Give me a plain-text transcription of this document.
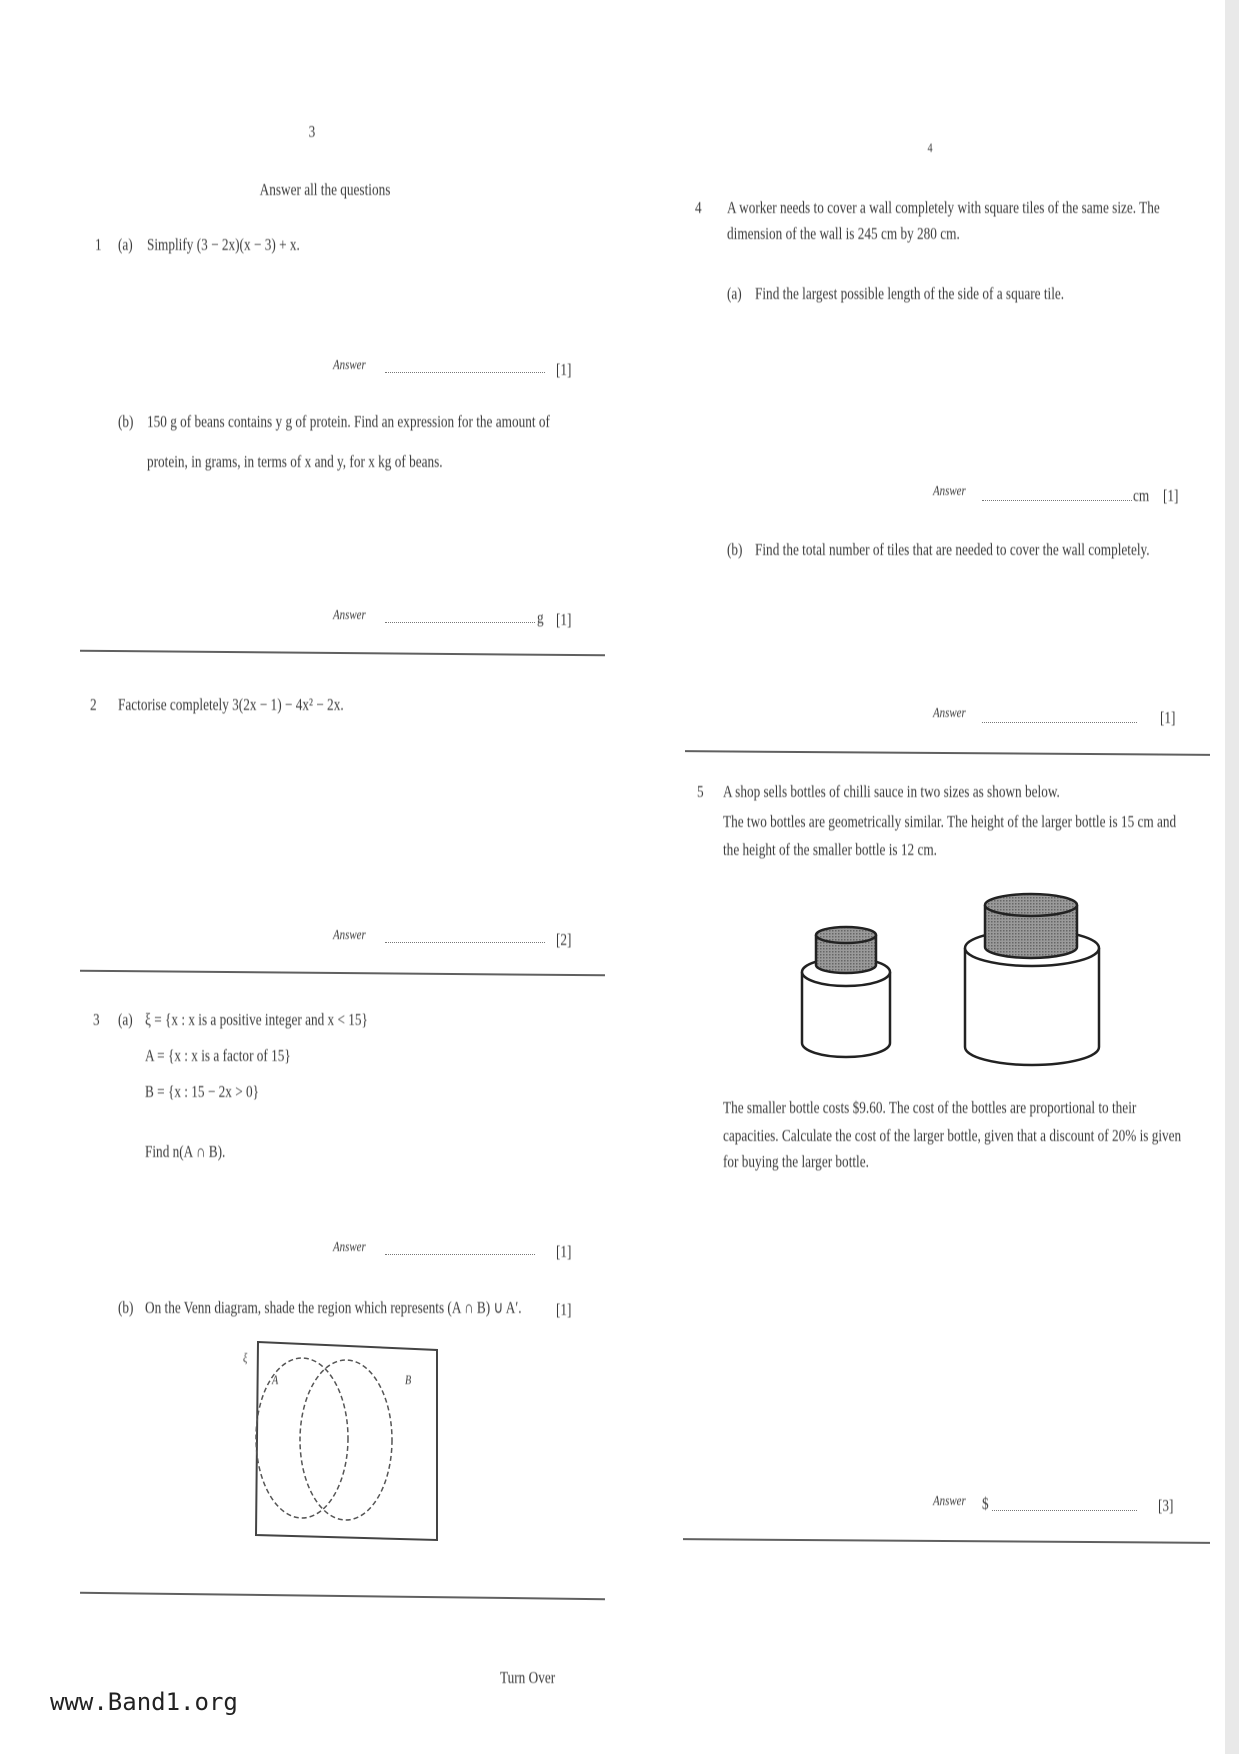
3
Answer all the questions
1 (a) Simplify (3 − 2x)(x − 3) + x.
Answer	[1]
(b) 150 g of beans contains y g of protein. Find an expression for the amount of
protein, in grams, in terms of x and y, for x kg of beans.
Answer	g [1]
2 Factorise completely 3(2x − 1) − 4x² − 2x.
Answer	[2]
3 (a) ξ = {x : x is a positive integer and x < 15}
A = {x : x is a factor of 15}
B = {x : 15 − 2x > 0}
Find n(A ∩ B).
Answer	[1]
(b) On the Venn diagram, shade the region which represents (A ∩ B) ∪ A′. [1]
ξ
A	B
Turn Over
www.Band1.org
4
4 A worker needs to cover a wall completely with square tiles of the same size. The
dimension of the wall is 245 cm by 280 cm.
(a) Find the largest possible length of the side of a square tile.
Answer	cm [1]
(b) Find the total number of tiles that are needed to cover the wall completely.
Answer	[1]
5 A shop sells bottles of chilli sauce in two sizes as shown below.
The two bottles are geometrically similar. The height of the larger bottle is 15 cm and
the height of the smaller bottle is 12 cm.
The smaller bottle costs $9.60. The cost of the bottles are proportional to their
capacities. Calculate the cost of the larger bottle, given that a discount of 20% is given
for buying the larger bottle.
Answer $	[3]
